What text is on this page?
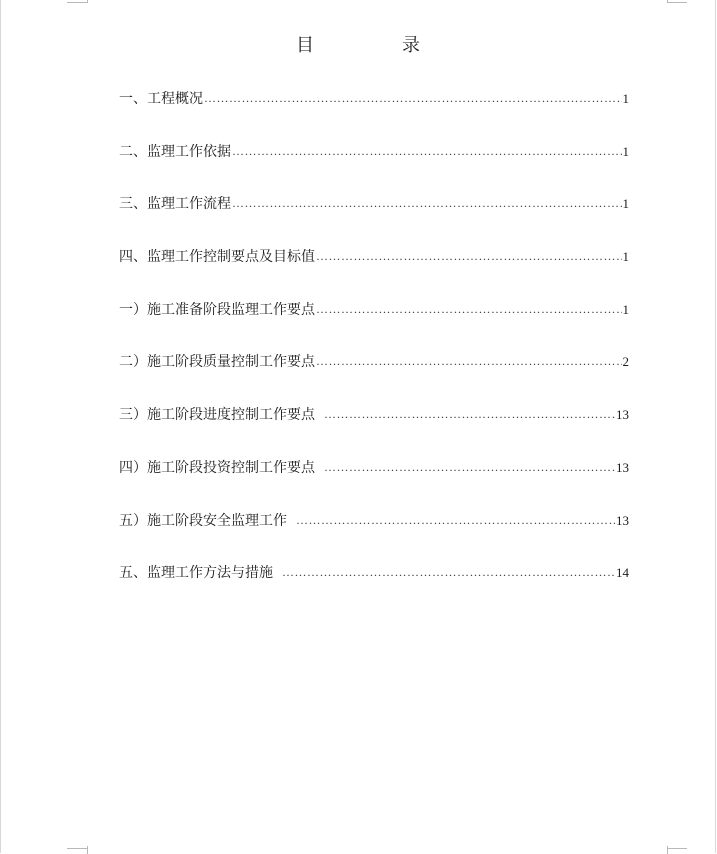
目	录
一、工程概况 ……………………………………………………………………………………………………………………………………………………	1
二、监理工作依据 ……………………………………………………………………………………………………………………………………………………	1
三、监理工作流程 ……………………………………………………………………………………………………………………………………………………	1
四、监理工作控制要点及目标值 ……………………………………………………………………………………………………………………………………………………	1
一）施工准备阶段监理工作要点 ……………………………………………………………………………………………………………………………………………………	1
二）施工阶段质量控制工作要点 ……………………………………………………………………………………………………………………………………………………	2
三）施工阶段进度控制工作要点 ……………………………………………………………………………………………………………………………………………………	13
四）施工阶段投资控制工作要点 ……………………………………………………………………………………………………………………………………………………	13
五）施工阶段安全监理工作 ……………………………………………………………………………………………………………………………………………………	13
五、监理工作方法与措施 ……………………………………………………………………………………………………………………………………………………	14
